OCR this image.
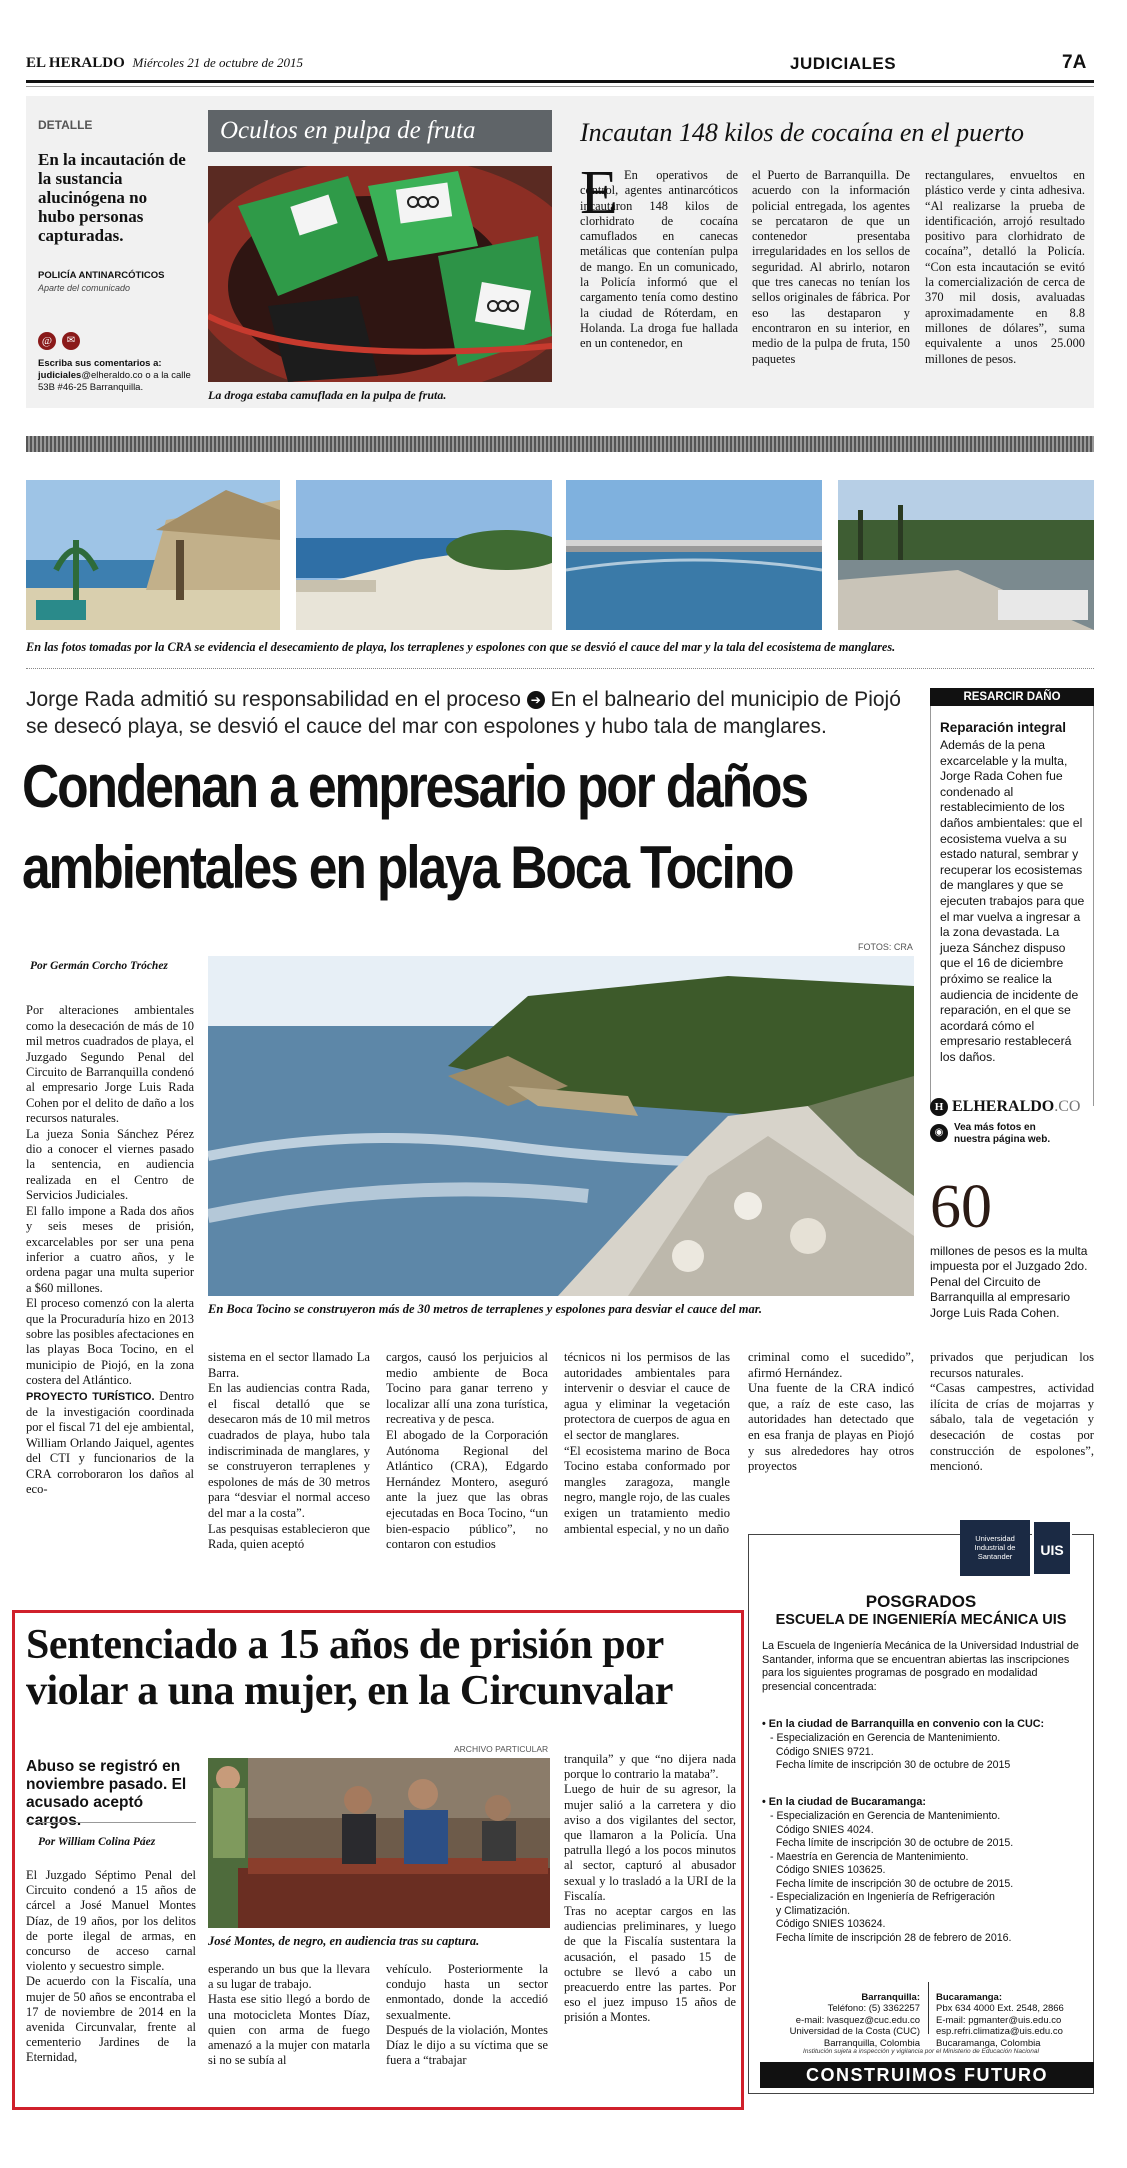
EL HERALDO Miércoles 21 de octubre de 2015	JUDICIALES	7A
DETALLE
En la incautación de la sustancia alucinógena no hubo personas capturadas.
POLICÍA ANTINARCÓTICOS
Aparte del comunicado
@	✉
Escriba sus comentarios a:
judiciales@elheraldo.co o a la calle 53B #46-25 Barranquilla.
Ocultos en pulpa de fruta
La droga estaba camuflada en la pulpa de fruta.
Incautan 148 kilos de cocaína en el puerto
E En operativos de control, agentes antinarcóticos incautaron 148 kilos de clorhidrato de cocaína camuflados en canecas metálicas que contenían pulpa de mango. En un comunicado, la Policía informó que el cargamento tenía como destino la ciudad de Róterdam, en Holanda. La droga fue hallada en un contenedor, en
el Puerto de Barranquilla. De acuerdo con la información policial entregada, los agentes se percataron de que un contenedor presentaba irregularidades en los sellos de seguridad. Al abrirlo, notaron que tres canecas no tenían los sellos originales de fábrica. Por eso las destaparon y encontraron en su interior, en medio de la pulpa de fruta, 150 paquetes
rectangulares, envueltos en plástico verde y cinta adhesiva. “Al realizarse la prueba de identificación, arrojó resultado positivo para clorhidrato de cocaína”, detalló la Policía. “Con esta incautación se evitó la comercialización de cerca de 370 mil dosis, avaluadas aproximadamente en 8.8 millones de dólares”, suma equivalente a unos 25.000 millones de pesos.
En las fotos tomadas por la CRA se evidencia el desecamiento de playa, los terraplenes y espolones con que se desvió el cauce del mar y la tala del ecosistema de manglares.
Jorge Rada admitió su responsabilidad en el proceso ➔ En el balneario del municipio de Piojó se desecó playa, se desvió el cauce del mar con espolones y hubo tala de manglares.
Condenan a empresario por daños
ambientales en playa Boca Tocino
Por Germán Corcho Tróchez
FOTOS: CRA
En Boca Tocino se construyeron más de 30 metros de terraplenes y espolones para desviar el cauce del mar.

Por alteraciones ambientales como la desecación de más de 10 mil metros cuadrados de playa, el Juzgado Segundo Penal del Circuito de Barranquilla condenó al empresario Jorge Luis Rada Cohen por el delito de daño a los recursos naturales.
La jueza Sonia Sánchez Pérez dio a conocer el viernes pasado la sentencia, en audiencia realizada en el Centro de Servicios Judiciales.
El fallo impone a Rada dos años y seis meses de prisión, excarcelables por ser una pena inferior a cuatro años, y le ordena pagar una multa superior a $60 millones.
El proceso comenzó con la alerta que la Procuraduría hizo en 2013 sobre las posibles afectaciones en las playas Boca Tocino, en el municipio de Piojó, en la zona costera del Atlántico.
PROYECTO TURÍSTICO. Dentro de la investigación coordinada por el fiscal 71 del eje ambiental, William Orlando Jaiquel, agentes del CTI y funcionarios de la CRA corroboraron los daños al eco-

sistema en el sector llamado La Barra.
En las audiencias contra Rada, el fiscal detalló que se desecaron más de 10 mil metros cuadrados de playa, hubo tala indiscriminada de manglares, y se construyeron terraplenes y espolones de más de 30 metros para “desviar el normal acceso del mar a la costa”.
Las pesquisas establecieron que Rada, quien aceptó
cargos, causó los perjuicios al medio ambiente de Boca Tocino para ganar terreno y localizar allí una zona turística, recreativa y de pesca.
El abogado de la Corporación Autónoma Regional del Atlántico (CRA), Edgardo Hernández Montero, aseguró ante la juez que las obras ejecutadas en Boca Tocino, “un bien-espacio público”, no contaron con estudios
técnicos ni los permisos de las autoridades ambientales para intervenir o desviar el cauce de agua y eliminar la vegetación protectora de cuerpos de agua en el sector de manglares.
“El ecosistema marino de Boca Tocino estaba conformado por mangles zaragoza, mangle negro, mangle rojo, de las cuales exigen un tratamiento medio ambiental especial, y no un daño
criminal como el sucedido”, afirmó Hernández.
Una fuente de la CRA indicó que, a raíz de este caso, las autoridades han detectado que en esa franja de playas en Piojó y sus alrededores hay otros proyectos
privados que perjudican los recursos naturales.
“Casas campestres, actividad ilícita de crías de mojarras y sábalo, tala de vegetación y desecación de costas por construcción de espolones”, mencionó.
RESARCIR DAÑO
Reparación integral
Además de la pena excarcelable y la multa, Jorge Rada Cohen fue condenado al restablecimiento de los daños ambientales: que el ecosistema vuelva a su estado natural, sembrar y recuperar los ecosistemas de manglares y que se ejecuten trabajos para que el mar vuelva a ingresar a la zona devastada. La jueza Sánchez dispuso que el 16 de diciembre próximo se realice la audiencia de incidente de reparación, en el que se acordará cómo el empresario restablecerá los daños.
H ELHERALDO.CO
◉	Vea más fotos en nuestra página web.
60
millones de pesos es la multa impuesta por el Juzgado 2do. Penal del Circuito de Barranquilla al empresario Jorge Luis Rada Cohen.
Sentenciado a 15 años de prisión por violar a una mujer, en la Circunvalar
Abuso se registró en noviembre pasado. El acusado aceptó cargos.
Por William Colina Páez
ARCHIVO PARTICULAR
José Montes, de negro, en audiencia tras su captura.
El Juzgado Séptimo Penal del Circuito condenó a 15 años de cárcel a José Manuel Montes Díaz, de 19 años, por los delitos de porte ilegal de armas, en concurso de acceso carnal violento y secuestro simple.
De acuerdo con la Fiscalía, una mujer de 50 años se encontraba el 17 de noviembre de 2014 en la avenida Circunvalar, frente al cementerio Jardines de la Eternidad,
esperando un bus que la llevara a su lugar de trabajo.
Hasta ese sitio llegó a bordo de una motocicleta Montes Díaz, quien con arma de fuego amenazó a la mujer con matarla si no se subía al
vehículo. Posteriormente la condujo hasta un sector enmontado, donde la accedió sexualmente.
Después de la violación, Montes Díaz le dijo a su víctima que se fuera a “trabajar
tranquila” y que “no dijera nada porque lo contrario la mataba”.
Luego de huir de su agresor, la mujer salió a la carretera y dio aviso a dos vigilantes del sector, que llamaron a la Policía. Una patrulla llegó a los pocos minutos al sector, capturó al abusador sexual y lo trasladó a la URI de la Fiscalía.
Tras no aceptar cargos en las audiencias preliminares, y luego de que la Fiscalía sustentara la acusación, el pasado 15 de octubre se llevó a cabo un preacuerdo entre las partes. Por eso el juez impuso 15 años de prisión a Montes.
Universidad Industrial de Santander	UIS
POSGRADOS
ESCUELA DE INGENIERÍA MECÁNICA UIS
La Escuela de Ingeniería Mecánica de la Universidad Industrial de Santander, informa que se encuentran abiertas las inscripciones para los siguientes programas de posgrado en modalidad presencial concentrada:
• En la ciudad de Barranquilla en convenio con la CUC:
- Especialización en Gerencia de Mantenimiento.
Código SNIES 9721.
Fecha límite de inscripción 30 de octubre de 2015
• En la ciudad de Bucaramanga:
- Especialización en Gerencia de Mantenimiento.
Código SNIES 4024.
Fecha límite de inscripción 30 de octubre de 2015.
- Maestría en Gerencia de Mantenimiento.
Código SNIES 103625.
Fecha límite de inscripción 30 de octubre de 2015.
- Especialización en Ingeniería de Refrigeración
y Climatización.
Código SNIES 103624.
Fecha límite de inscripción 28 de febrero de 2016.

Barranquilla:
Teléfono: (5) 3362257
e-mail: lvasquez@cuc.edu.co
Universidad de la Costa (CUC)
Barranquilla, Colombia

Bucaramanga:
Pbx 634 4000 Ext. 2548, 2866
E-mail: pgmanter@uis.edu.co
esp.refri.climatiza@uis.edu.co
Bucaramanga, Colombia

Institución sujeta a inspección y vigilancia por el Ministerio de Educación Nacional
CONSTRUIMOS FUTURO
